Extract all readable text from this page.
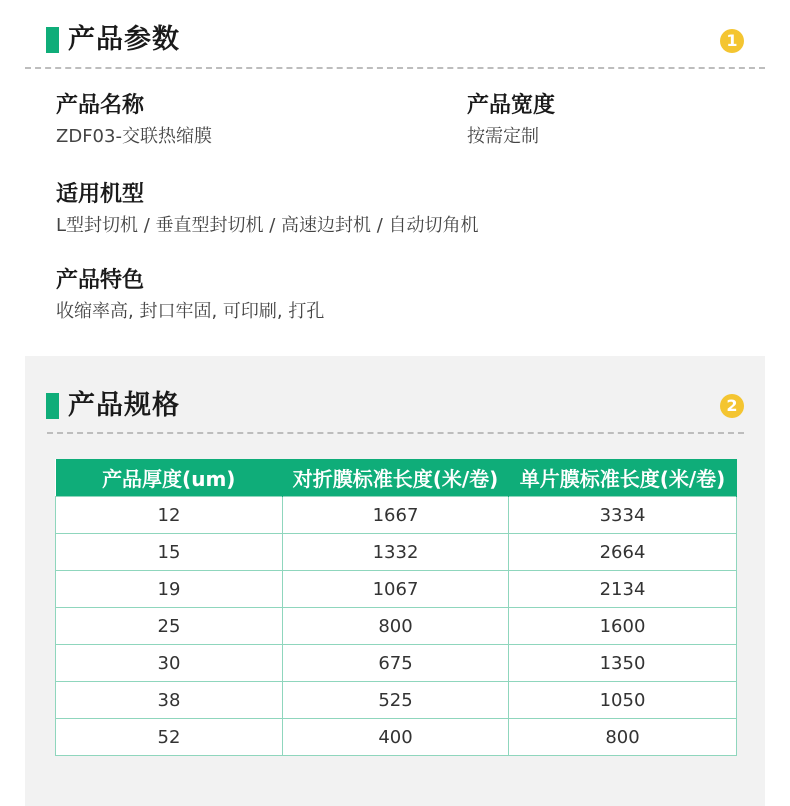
产品参数	1
产品名称
ZDF03-交联热缩膜
产品宽度
按需定制
适用机型
L型封切机 / 垂直型封切机 / 高速边封机 / 自动切角机
产品特色
收缩率高, 封口牢固, 可印刷, 打孔
产品规格	2
产品厚度(um)	对折膜标准长度(米/卷)	单片膜标准长度(米/卷)
12	1667	3334
15	1332	2664
19	1067	2134
25	800	1600
30	675	1350
38	525	1050
52	400	800
